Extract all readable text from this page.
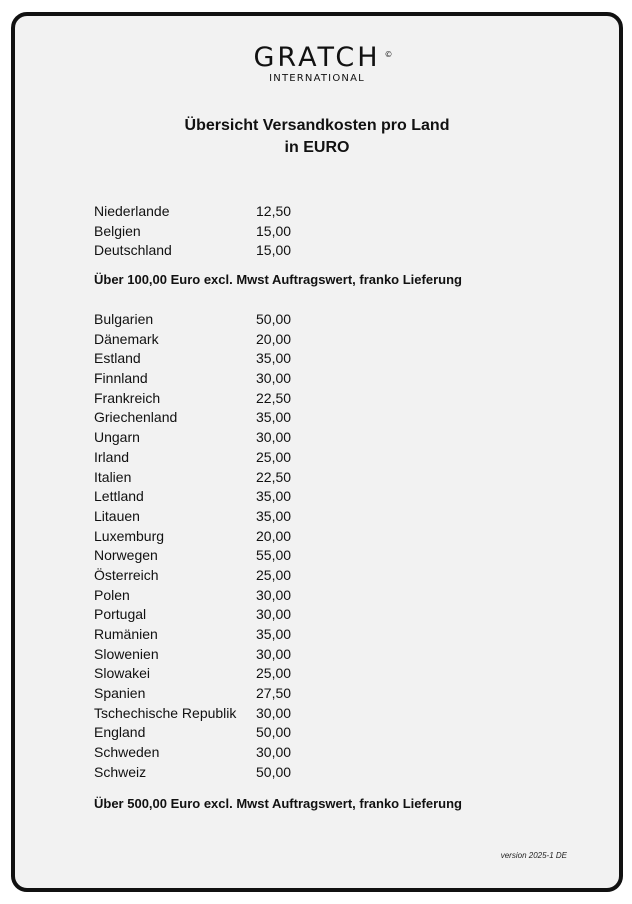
GRATCH ©
INTERNATIONAL
Übersicht Versandkosten pro Land
in EURO
Niederlande	12,50
Belgien	15,00
Deutschland	15,00
Über 100,00 Euro excl. Mwst Auftragswert, franko Lieferung
Bulgarien	50,00
Dänemark	20,00
Estland	35,00
Finnland	30,00
Frankreich	22,50
Griechenland	35,00
Ungarn	30,00
Irland	25,00
Italien	22,50
Lettland	35,00
Litauen	35,00
Luxemburg	20,00
Norwegen	55,00
Österreich	25,00
Polen	30,00
Portugal	30,00
Rumänien	35,00
Slowenien	30,00
Slowakei	25,00
Spanien	27,50
Tschechische Republik	30,00
England	50,00
Schweden	30,00
Schweiz	50,00
Über 500,00 Euro excl. Mwst Auftragswert, franko Lieferung
version 2025-1 DE
